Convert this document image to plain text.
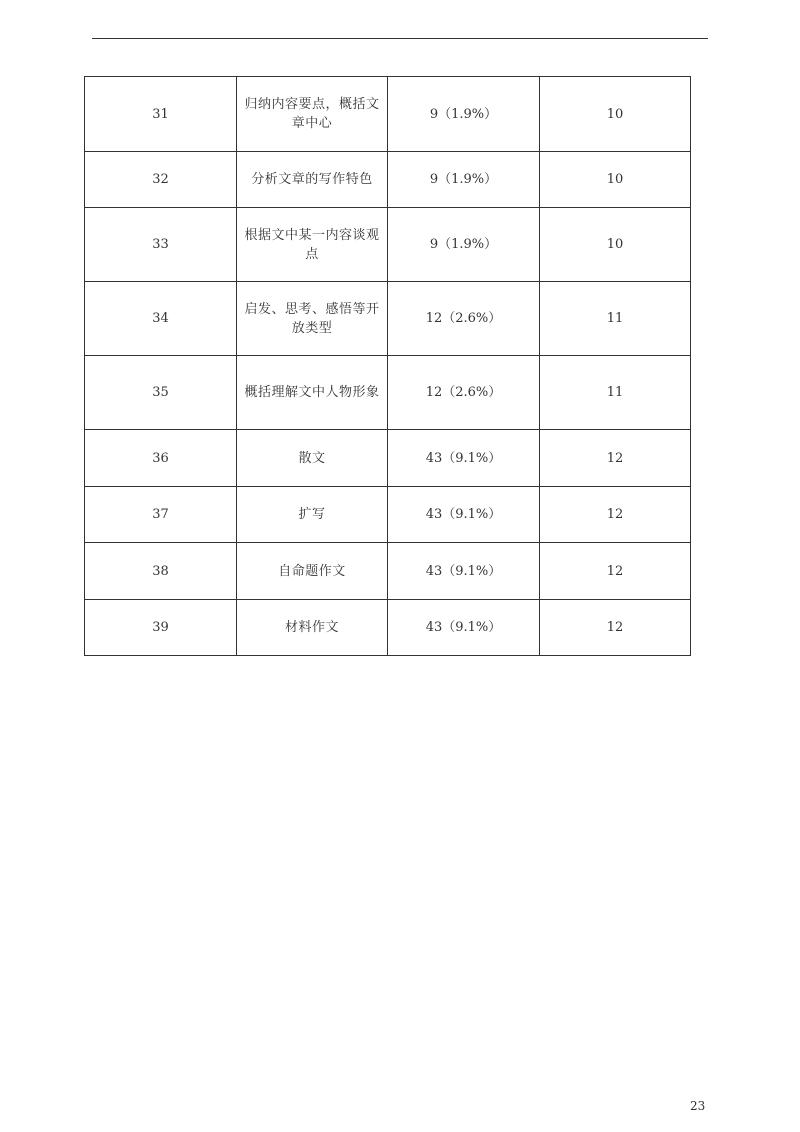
31	归纳内容要点，概括文章中心	9（1.9%）	10
32	分析文章的写作特色	9（1.9%）	10
33	根据文中某一内容谈观点	9（1.9%）	10
34	启发、思考、感悟等开放类型	12（2.6%）	11
35	概括理解文中人物形象	12（2.6%）	11
36	散文	43（9.1%）	12
37	扩写	43（9.1%）	12
38	自命题作文	43（9.1%）	12
39	材料作文	43（9.1%）	12
23
